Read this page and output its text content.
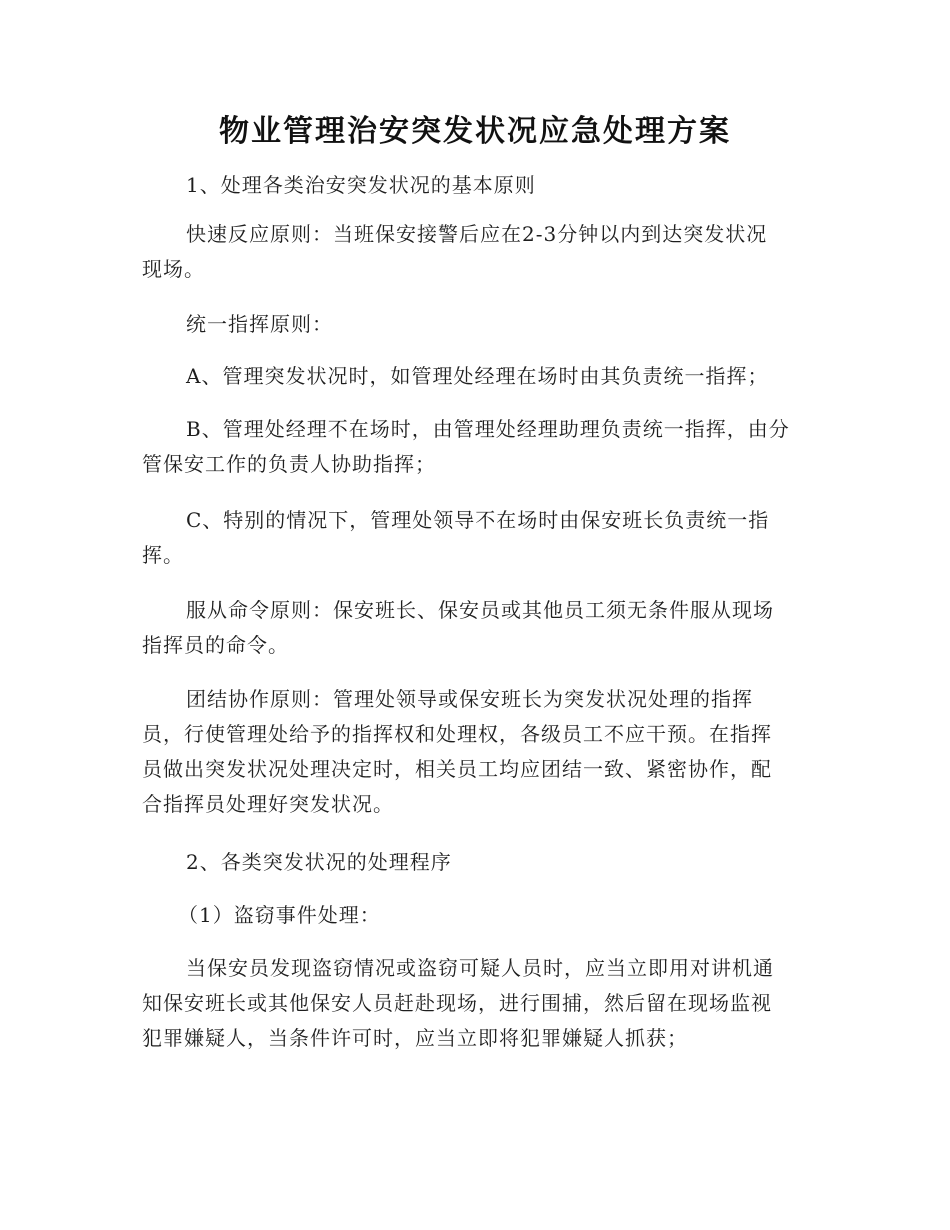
物业管理治安突发状况应急处理方案
1、处理各类治安突发状况的基本原则
快速反应原则：当班保安接警后应在2-3分钟以内到达突发状况
现场。
统一指挥原则：
A、管理突发状况时，如管理处经理在场时由其负责统一指挥；
B、管理处经理不在场时，由管理处经理助理负责统一指挥，由分
管保安工作的负责人协助指挥；
C、特别的情况下，管理处领导不在场时由保安班长负责统一指
挥。
服从命令原则：保安班长、保安员或其他员工须无条件服从现场
指挥员的命令。
团结协作原则：管理处领导或保安班长为突发状况处理的指挥
员，行使管理处给予的指挥权和处理权，各级员工不应干预。在指挥
员做出突发状况处理决定时，相关员工均应团结一致、紧密协作，配
合指挥员处理好突发状况。
2、各类突发状况的处理程序
（1）盗窃事件处理：
当保安员发现盗窃情况或盗窃可疑人员时，应当立即用对讲机通
知保安班长或其他保安人员赶赴现场，进行围捕，然后留在现场监视
犯罪嫌疑人，当条件许可时，应当立即将犯罪嫌疑人抓获；
